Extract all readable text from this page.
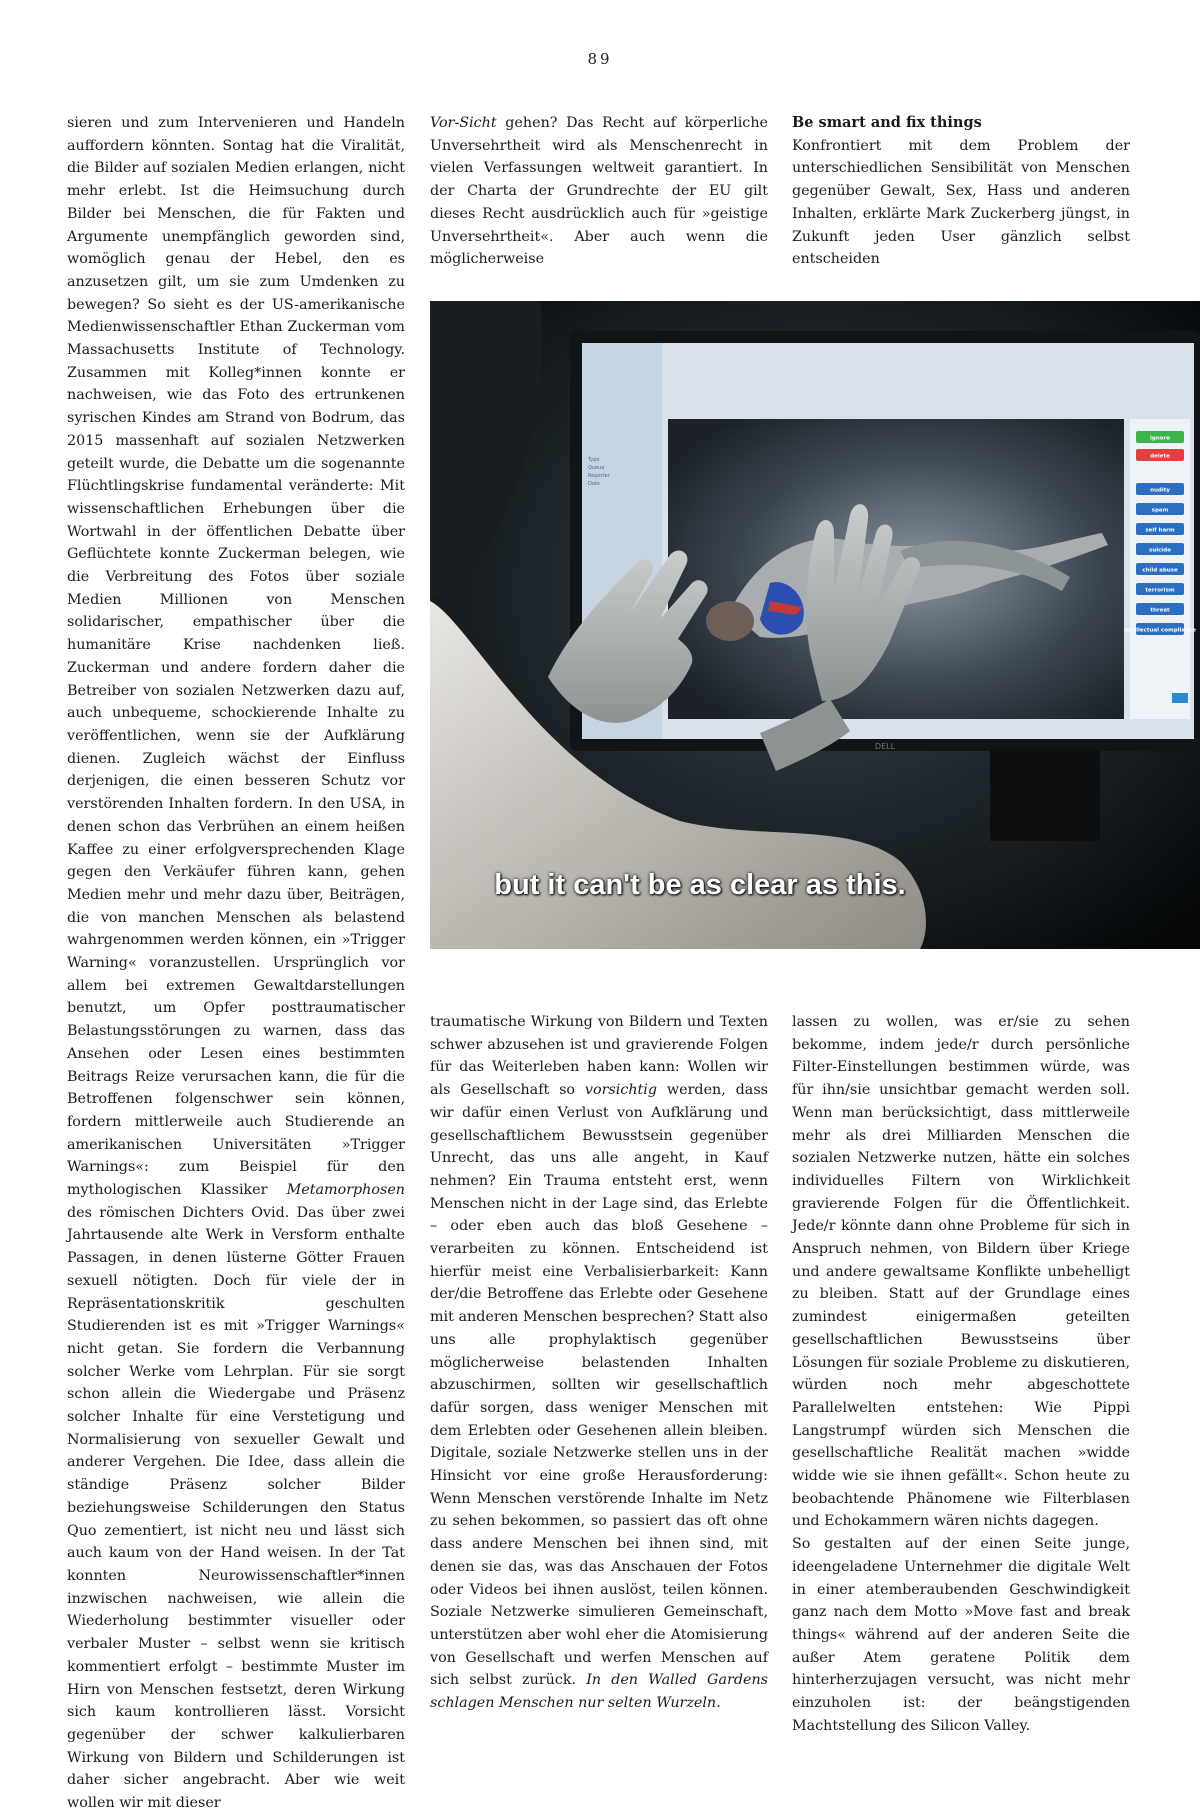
89

sieren und zum Intervenieren und Handeln auffordern könnten. Sontag hat die Viralität, die Bilder auf sozialen Medien erlangen, nicht mehr erlebt. Ist die Heimsuchung durch Bilder bei Menschen, die für Fakten und Argumente unempfänglich geworden sind, womöglich genau der Hebel, den es anzusetzen gilt, um sie zum Umdenken zu bewegen? So sieht es der US-amerikanische Medienwissenschaftler Ethan Zuckerman vom Massachusetts Institute of Technology. Zusammen mit Kolleg*innen konnte er nachweisen, wie das Foto des ertrunkenen syrischen Kindes am Strand von Bodrum, das 2015 massenhaft auf sozialen Netzwerken geteilt wurde, die Debatte um die sogenannte Flüchtlingskrise fundamental veränderte: Mit wissenschaftlichen Erhebungen über die Wortwahl in der öffentlichen Debatte über Geflüchtete konnte Zuckerman belegen, wie die Verbreitung des Fotos über soziale Medien Millionen von Menschen solidarischer, empathischer über die humanitäre Krise nachdenken ließ. Zuckerman und andere fordern daher die Betreiber von sozialen Netzwerken dazu auf, auch unbequeme, schockierende Inhalte zu veröffentlichen, wenn sie der Aufklärung dienen. Zugleich wächst der Einfluss derjenigen, die einen besseren Schutz vor verstörenden Inhalten fordern. In den USA, in denen schon das Verbrühen an einem heißen Kaffee zu einer erfolgversprechenden Klage gegen den Verkäufer führen kann, gehen Medien mehr und mehr dazu über, Beiträgen, die von manchen Menschen als belastend wahrgenommen werden können, ein »Trigger Warning« voranzustellen. Ursprünglich vor allem bei extremen Gewaltdarstellungen benutzt, um Opfer posttraumatischer Belastungsstörungen zu warnen, dass das Ansehen oder Lesen eines bestimmten Beitrags Reize verursachen kann, die für die Betroffenen folgenschwer sein können, fordern mittlerweile auch Studierende an amerikanischen Universitäten »Trigger Warnings«: zum Beispiel für den mythologischen Klassiker Metamorphosen des römischen Dichters Ovid. Das über zwei Jahrtausende alte Werk in Versform enthalte Passagen, in denen lüsterne Götter Frauen sexuell nötigten. Doch für viele der in Repräsentationskritik geschulten Studierenden ist es mit »Trigger Warnings« nicht getan. Sie fordern die Verbannung solcher Werke vom Lehrplan. Für sie sorgt schon allein die Wiedergabe und Präsenz solcher Inhalte für eine Verstetigung und Normalisierung von sexueller Gewalt und anderer Vergehen. Die Idee, dass allein die ständige Präsenz solcher Bilder beziehungsweise Schilderungen den Status Quo zementiert, ist nicht neu und lässt sich auch kaum von der Hand weisen. In der Tat konnten Neurowissenschaftler*innen inzwischen nachweisen, wie allein die Wiederholung bestimmter visueller oder verbaler Muster – selbst wenn sie kritisch kommentiert erfolgt – bestimmte Muster im Hirn von Menschen festsetzt, deren Wirkung sich kaum kontrollieren lässt. Vorsicht gegenüber der schwer kalkulierbaren Wirkung von Bildern und Schilderungen ist daher sicher angebracht. Aber wie weit wollen wir mit dieser

Vor-Sicht gehen? Das Recht auf körperliche Unversehrtheit wird als Menschenrecht in vielen Verfassungen weltweit garantiert. In der Charta der Grundrechte der EU gilt dieses Recht ausdrücklich auch für »geistige Unversehrtheit«. Aber auch wenn die möglicherweise

Be smart and fix things

Konfrontiert mit dem Problem der unterschiedlichen Sensibilität von Menschen gegenüber Gewalt, Sex, Hass und anderen Inhalten, erklärte Mark Zuckerberg jüngst, in Zukunft jeden User gänzlich selbst entscheiden

Type
Queue
Reporter
Date
ignore
delete
nudity
spam
self harm
suicide
child abuse
terrorism
threat
intellectual compliance
DELL
but it can't be as clear as this.

traumatische Wirkung von Bildern und Texten schwer abzusehen ist und gravierende Folgen für das Weiterleben haben kann: Wollen wir als Gesellschaft so vorsichtig werden, dass wir dafür einen Verlust von Aufklärung und gesellschaftlichem Bewusstsein gegenüber Unrecht, das uns alle angeht, in Kauf nehmen? Ein Trauma entsteht erst, wenn Menschen nicht in der Lage sind, das Erlebte – oder eben auch das bloß Gesehene – verarbeiten zu können. Entscheidend ist hierfür meist eine Verbalisierbarkeit: Kann der/die Betroffene das Erlebte oder Gesehene mit anderen Menschen besprechen? Statt also uns alle prophylaktisch gegenüber möglicherweise belastenden Inhalten abzuschirmen, sollten wir gesellschaftlich dafür sorgen, dass weniger Menschen mit dem Erlebten oder Gesehenen allein bleiben. Digitale, soziale Netzwerke stellen uns in der Hinsicht vor eine große Herausforderung: Wenn Menschen verstörende Inhalte im Netz zu sehen bekommen, so passiert das oft ohne dass andere Menschen bei ihnen sind, mit denen sie das, was das Anschauen der Fotos oder Videos bei ihnen auslöst, teilen können. Soziale Netzwerke simulieren Gemeinschaft, unterstützen aber wohl eher die Atomisierung von Gesellschaft und werfen Menschen auf sich selbst zurück. In den Walled Gardens schlagen Menschen nur selten Wurzeln.

lassen zu wollen, was er/sie zu sehen bekomme, indem jede/r durch persönliche Filter-Einstellungen bestimmen würde, was für ihn/sie unsichtbar gemacht werden soll. Wenn man berücksichtigt, dass mittlerweile mehr als drei Milliarden Menschen die sozialen Netzwerke nutzen, hätte ein solches individuelles Filtern von Wirklichkeit gravierende Folgen für die Öffentlichkeit. Jede/r könnte dann ohne Probleme für sich in Anspruch nehmen, von Bildern über Kriege und andere gewaltsame Konflikte unbehelligt zu bleiben. Statt auf der Grundlage eines zumindest einigermaßen geteilten gesellschaftlichen Bewusstseins über Lösungen für soziale Probleme zu diskutieren, würden noch mehr abgeschottete Parallelwelten entstehen: Wie Pippi Langstrumpf würden sich Menschen die gesellschaftliche Realität machen »widde widde wie sie ihnen gefällt«. Schon heute zu beobachtende Phänomene wie Filterblasen und Echokammern wären nichts dagegen.

So gestalten auf der einen Seite junge, ideengeladene Unternehmer die digitale Welt in einer atemberaubenden Geschwindigkeit ganz nach dem Motto »Move fast and break things« während auf der anderen Seite die außer Atem geratene Politik dem hinterherzujagen versucht, was nicht mehr einzuholen ist: der beängstigenden Machtstellung des Silicon Valley.
